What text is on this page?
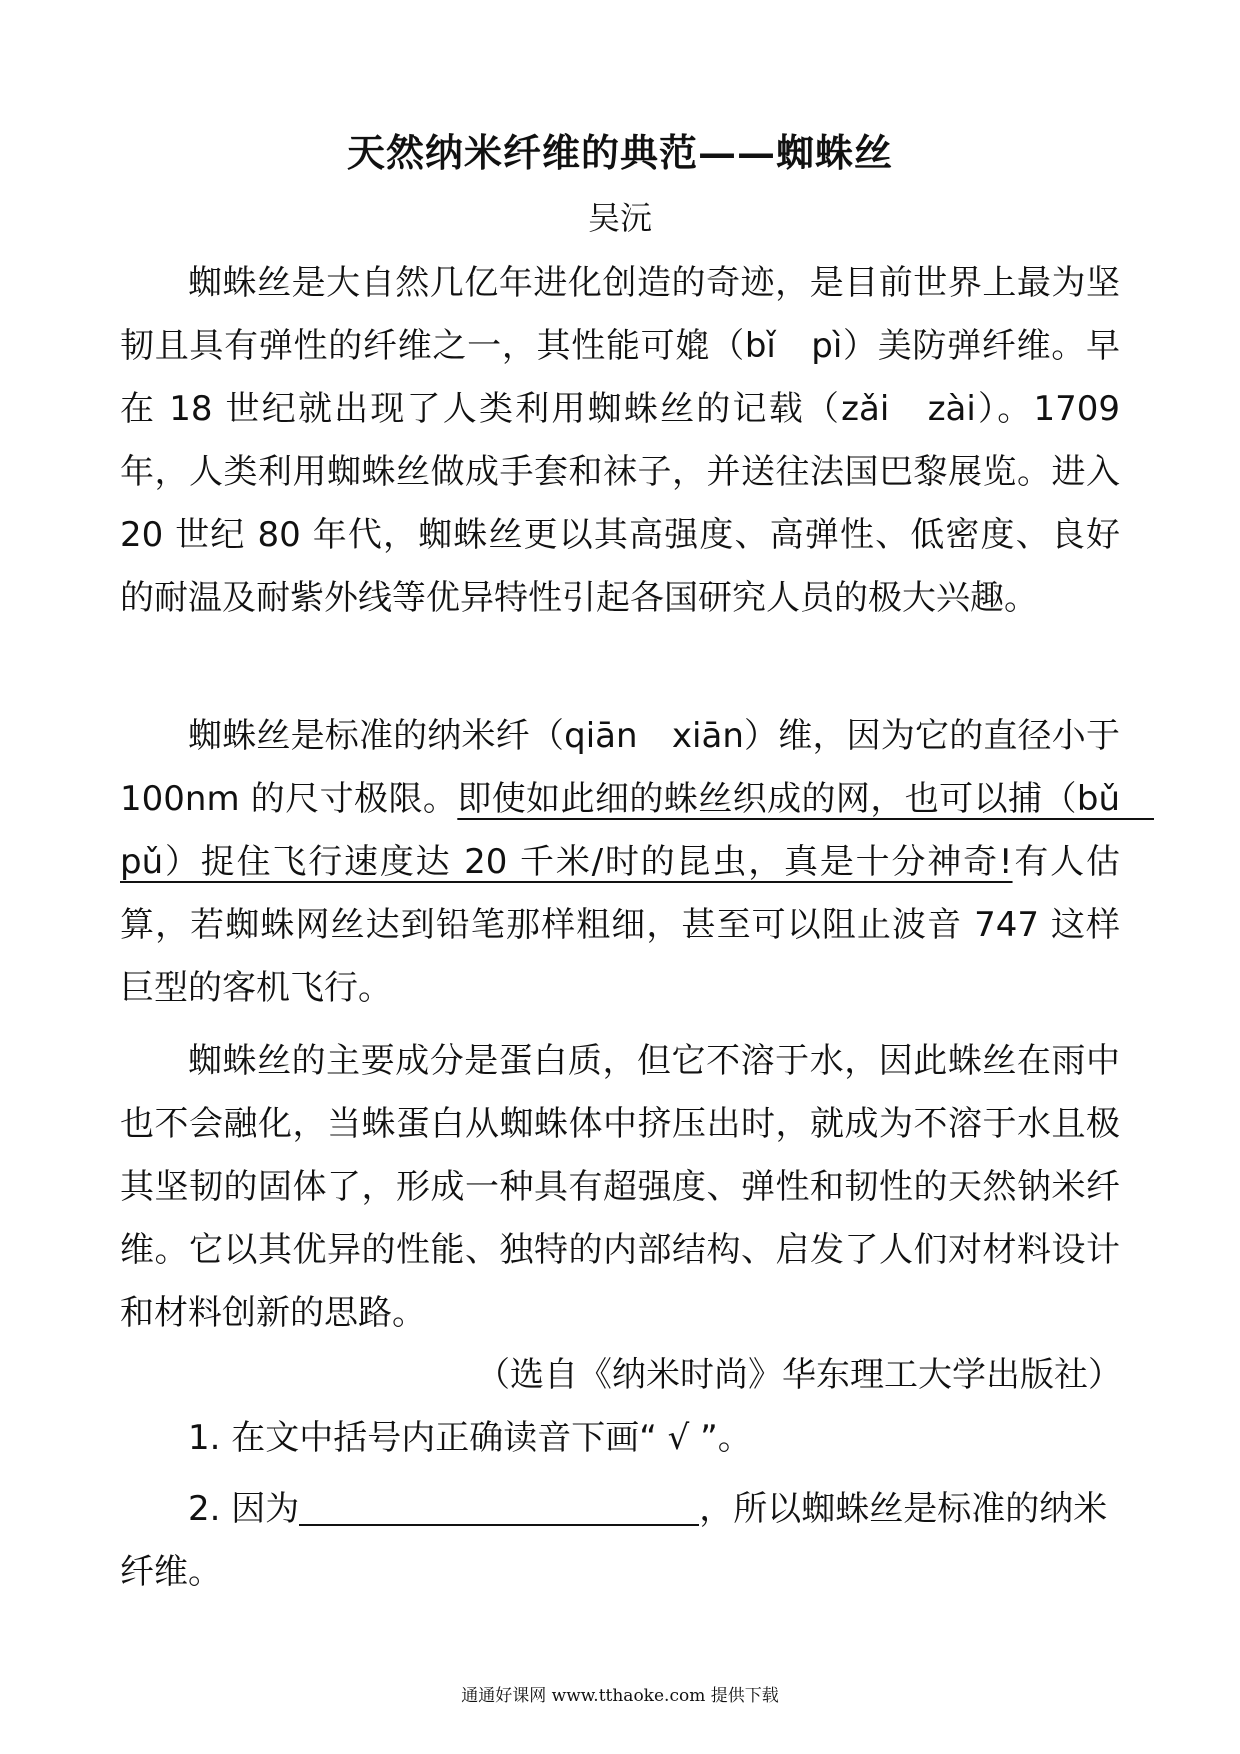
天然纳米纤维的典范——蜘蛛丝
吴沅

蜘蛛丝是大自然几亿年进化创造的奇迹，是目前世界上最为坚韧且具有弹性的纤维之一，其性能可媲（bǐ　pì）美防弹纤维。早在 18 世纪就出现了人类利用蜘蛛丝的记载（zǎi　zài）。1709 年，人类利用蜘蛛丝做成手套和袜子，并送往法国巴黎展览。进入 20 世纪 80 年代，蜘蛛丝更以其高强度、高弹性、低密度、良好的耐温及耐紫外线等优异特性引起各国研究人员的极大兴趣。

蜘蛛丝是标准的纳米纤（qiān　xiān）维，因为它的直径小于 100nm 的尺寸极限。即使如此细的蛛丝织成的网，也可以捕（bǔ　pǔ）捉住飞行速度达 20 千米/时的昆虫，真是十分神奇!有人估算，若蜘蛛网丝达到铅笔那样粗细，甚至可以阻止波音 747 这样巨型的客机飞行。

蜘蛛丝的主要成分是蛋白质，但它不溶于水，因此蛛丝在雨中也不会融化，当蛛蛋白从蜘蛛体中挤压出时，就成为不溶于水且极其坚韧的固体了，形成一种具有超强度、弹性和韧性的天然钠米纤维。它以其优异的性能、独特的内部结构、启发了人们对材料设计和材料创新的思路。

（选自《纳米时尚》华东理工大学出版社）
1. 在文中括号内正确读音下画“ √ ”。
2. 因为	，所以蜘蛛丝是标准的纳米纤维。
通通好课网 www.tthaoke.com 提供下载
